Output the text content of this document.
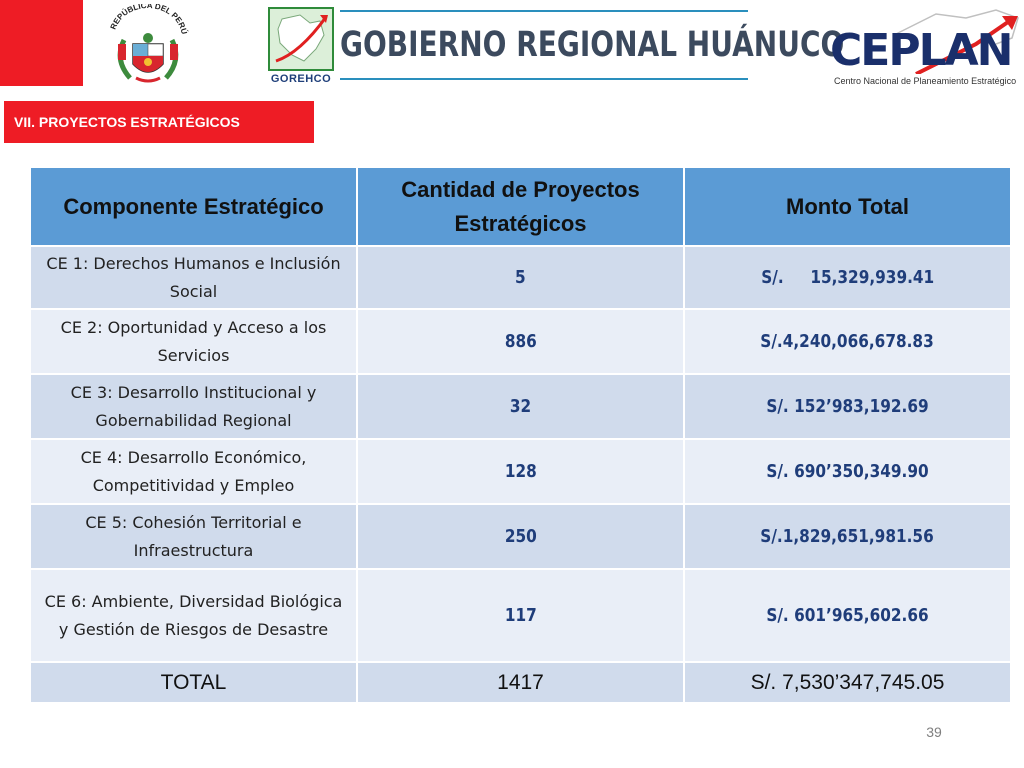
REPÚBLICA DEL PERÚ
GOREHCO
GOBIERNO REGIONAL HUÁNUCO
CEPLAN
Centro Nacional de Planeamiento Estratégico
VII. PROYECTOS ESTRATÉGICOS
Componente Estratégico	Cantidad de Proyectos Estratégicos	Monto Total
CE 1: Derechos Humanos e Inclusión Social	5	S/.     15,329,939.41
CE 2: Oportunidad y Acceso a los Servicios	886	S/.4,240,066,678.83
CE 3: Desarrollo Institucional y Gobernabilidad Regional	32	S/. 152’983,192.69
CE 4: Desarrollo Económico, Competitividad y Empleo	128	S/. 690’350,349.90
CE 5: Cohesión Territorial e Infraestructura	250	S/.1,829,651,981.56
CE 6: Ambiente, Diversidad Biológica y Gestión de Riesgos de Desastre	117	S/. 601’965,602.66
TOTAL	1417	S/. 7,530’347,745.05
39
